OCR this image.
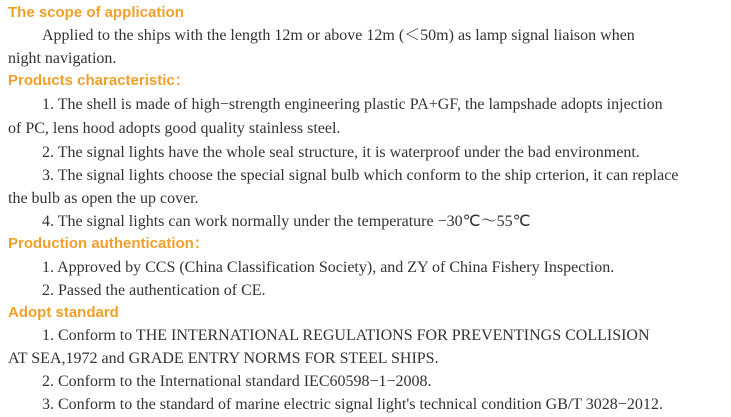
The scope of application
Applied to the ships with the length 12m or above 12m (＜50m) as lamp signal liaison when
night navigation.
Products characteristic：
1. The shell is made of high−strength engineering plastic PA+GF, the lampshade adopts injection
of PC, lens hood adopts good quality stainless steel.
2. The signal lights have the whole seal structure, it is waterproof under the bad environment.
3. The signal lights choose the special signal bulb which conform to the ship crterion, it can replace
the bulb as open the up cover.
4. The signal lights can work normally under the temperature −30℃～55℃
Production authentication：
1. Approved by CCS (China Classification Society), and ZY of China Fishery Inspection.
2. Passed the authentication of CE.
Adopt standard
1. Conform to THE INTERNATIONAL REGULATIONS FOR PREVENTINGS COLLISION
AT SEA,1972 and GRADE ENTRY NORMS FOR STEEL SHIPS.
2. Conform to the International standard IEC60598−1−2008.
3. Conform to the standard of marine electric signal light's technical condition GB/T 3028−2012.
